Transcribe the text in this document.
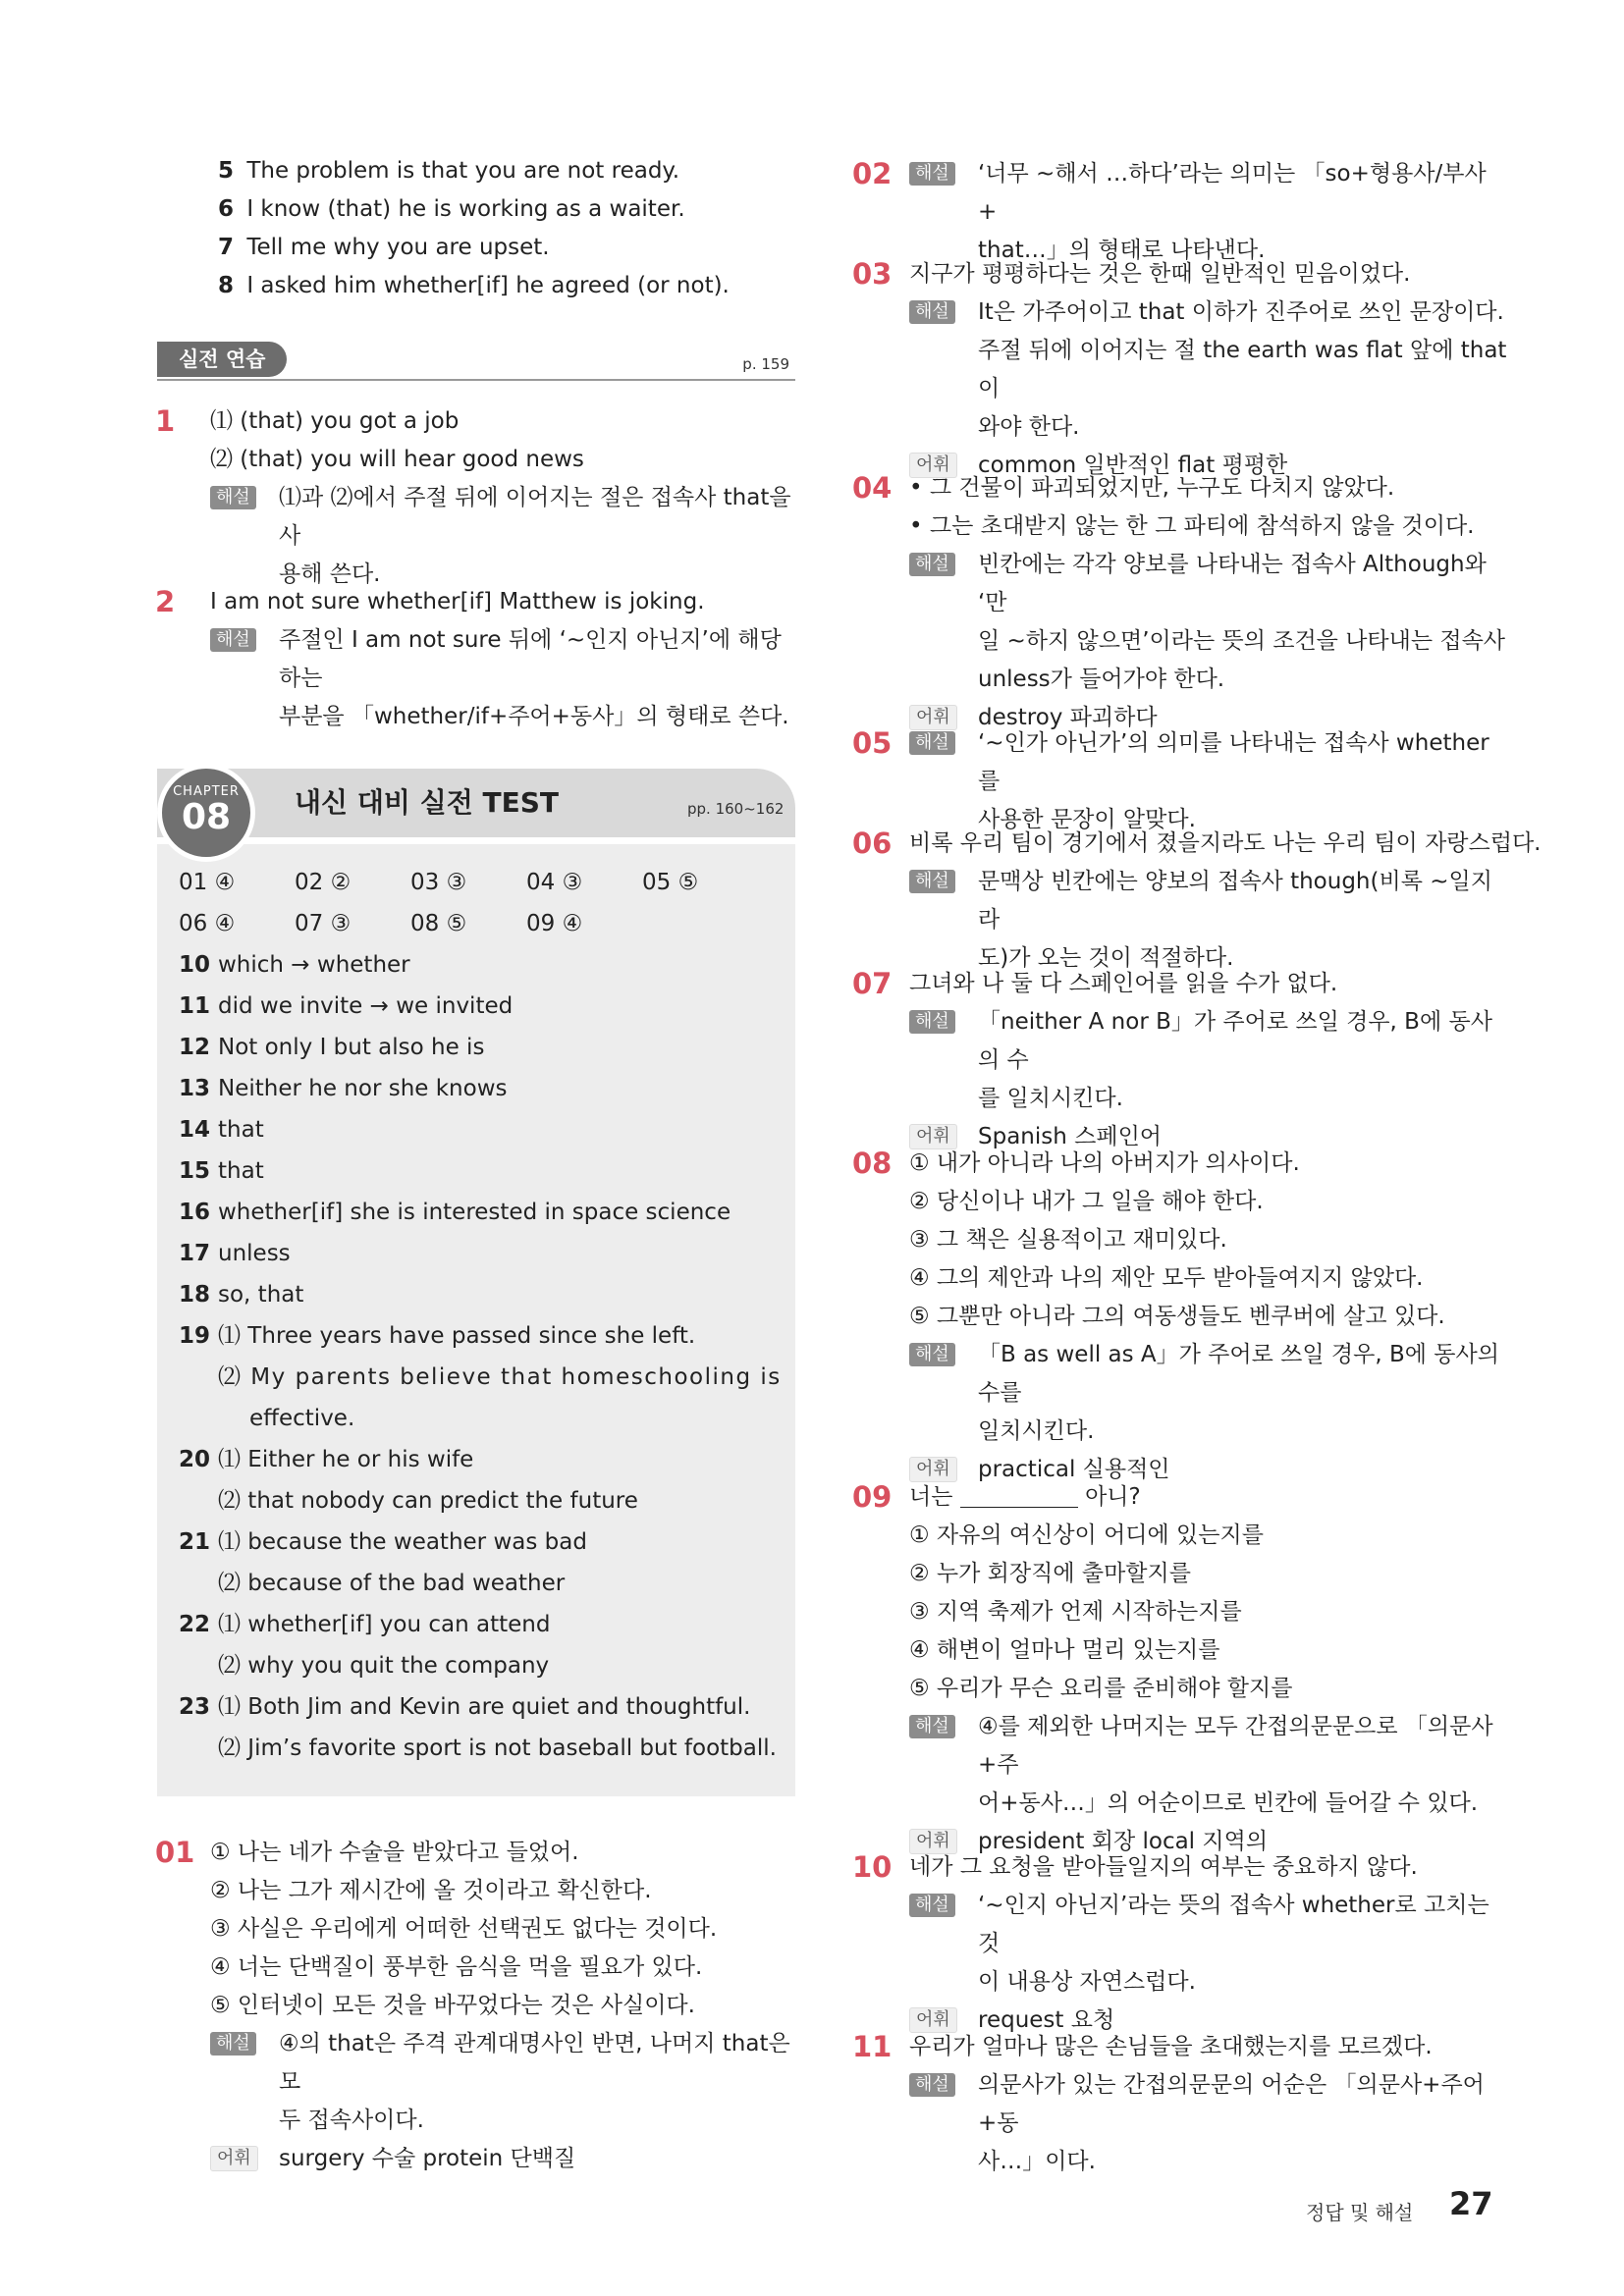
5 The problem is that you are not ready.
6 I know (that) he is working as a waiter.
7 Tell me why you are upset.
8 I asked him whether[if] he agreed (or not).
실전 연습	p. 159
1 ⑴ (that) you got a job
⑵ (that) you will hear good news
해설	⑴과 ⑵에서 주절 뒤에 이어지는 절은 접속사 that을 사
용해 쓴다.
2 I am not sure whether[if] Matthew is joking.
해설	주절인 I am not sure 뒤에 ‘~인지 아닌지’에 해당하는
부분을 「whether/if+주어+동사」의 형태로 쓴다.
CHAPTER
08	내신 대비 실전 TEST	pp. 160~162
01 ④	02 ②	03 ③	04 ③	05 ⑤
06 ④	07 ③	08 ⑤	09 ④
10 which → whether
11 did we invite → we invited
12 Not only I but also he is
13 Neither he nor she knows
14 that
15 that
16 whether[if] she is interested in space science
17 unless
18 so, that
19 ⑴ Three years have passed since she left.
⑵ My parents believe that homeschooling is
effective.
20 ⑴ Either he or his wife
⑵ that nobody can predict the future
21 ⑴ because the weather was bad
⑵ because of the bad weather
22 ⑴ whether[if] you can attend
⑵ why you quit the company
23 ⑴ Both Jim and Kevin are quiet and thoughtful.
⑵ Jim’s favorite sport is not baseball but football.
01 ① 나는 네가 수술을 받았다고 들었어.
② 나는 그가 제시간에 올 것이라고 확신한다.
③ 사실은 우리에게 어떠한 선택권도 없다는 것이다.
④ 너는 단백질이 풍부한 음식을 먹을 필요가 있다.
⑤ 인터넷이 모든 것을 바꾸었다는 것은 사실이다.
해설	④의 that은 주격 관계대명사인 반면, 나머지 that은 모
두 접속사이다.
어휘	surgery 수술 protein 단백질
02	해설	‘너무 ~해서 …하다’라는 의미는 「so+형용사/부사+
that…」의 형태로 나타낸다.
03 지구가 평평하다는 것은 한때 일반적인 믿음이었다.
해설	It은 가주어이고 that 이하가 진주어로 쓰인 문장이다.
주절 뒤에 이어지는 절 the earth was flat 앞에 that이
와야 한다.
어휘	common 일반적인 flat 평평한
04 • 그 건물이 파괴되었지만, 누구도 다치지 않았다.
• 그는 초대받지 않는 한 그 파티에 참석하지 않을 것이다.
해설	빈칸에는 각각 양보를 나타내는 접속사 Although와 ‘만
일 ~하지 않으면’이라는 뜻의 조건을 나타내는 접속사
unless가 들어가야 한다.
어휘	destroy 파괴하다
05	해설	‘~인가 아닌가’의 의미를 나타내는 접속사 whether를
사용한 문장이 알맞다.
06 비록 우리 팀이 경기에서 졌을지라도 나는 우리 팀이 자랑스럽다.
해설	문맥상 빈칸에는 양보의 접속사 though(비록 ~일지라
도)가 오는 것이 적절하다.
07 그녀와 나 둘 다 스페인어를 읽을 수가 없다.
해설	「neither A nor B」가 주어로 쓰일 경우, B에 동사의 수
를 일치시킨다.
어휘	Spanish 스페인어
08 ① 내가 아니라 나의 아버지가 의사이다.
② 당신이나 내가 그 일을 해야 한다.
③ 그 책은 실용적이고 재미있다.
④ 그의 제안과 나의 제안 모두 받아들여지지 않았다.
⑤ 그뿐만 아니라 그의 여동생들도 벤쿠버에 살고 있다.
해설	「B as well as A」가 주어로 쓰일 경우, B에 동사의 수를
일치시킨다.
어휘	practical 실용적인
09 너는	아니?
① 자유의 여신상이 어디에 있는지를
② 누가 회장직에 출마할지를
③ 지역 축제가 언제 시작하는지를
④ 해변이 얼마나 멀리 있는지를
⑤ 우리가 무슨 요리를 준비해야 할지를
해설	④를 제외한 나머지는 모두 간접의문문으로 「의문사+주
어+동사…」의 어순이므로 빈칸에 들어갈 수 있다.
어휘	president 회장 local 지역의
10 네가 그 요청을 받아들일지의 여부는 중요하지 않다.
해설	‘~인지 아닌지’라는 뜻의 접속사 whether로 고치는 것
이 내용상 자연스럽다.
어휘	request 요청
11 우리가 얼마나 많은 손님들을 초대했는지를 모르겠다.
해설	의문사가 있는 간접의문문의 어순은 「의문사+주어+동
사…」이다.
정답 및 해설 27
